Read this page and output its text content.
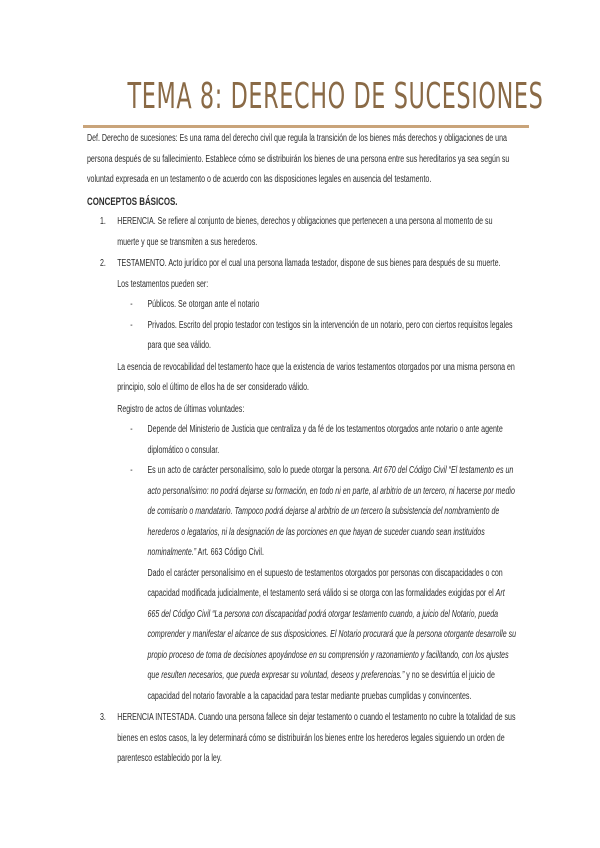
TEMA 8: DERECHO DE SUCESIONES

Def. Derecho de sucesiones: Es una rama del derecho civil que regula la transición de los bienes más derechos y obligaciones de una persona después de su fallecimiento. Establece cómo se distribuirán los bienes de una persona entre sus hereditarios ya sea según su voluntad expresada en un testamento o de acuerdo con las disposiciones legales en ausencia del testamento.

CONCEPTOS BÁSICOS.

1. HERENCIA. Se refiere al conjunto de bienes, derechos y obligaciones que pertenecen a una persona al momento de su muerte y que se transmiten a sus herederos.
2. TESTAMENTO. Acto jurídico por el cual una persona llamada testador, dispone de sus bienes para después de su muerte.

Los testamentos pueden ser:

- Públicos. Se otorgan ante el notario
- Privados. Escrito del propio testador con testigos sin la intervención de un notario, pero con ciertos requisitos legales para que sea válido.

La esencia de revocabilidad del testamento hace que la existencia de varios testamentos otorgados por una misma persona en principio, solo el último de ellos ha de ser considerado válido.

Registro de actos de últimas voluntades:

- Depende del Ministerio de Justicia que centraliza y da fé de los testamentos otorgados ante notario o ante agente diplomático o consular.
- Es un acto de carácter personalísimo, solo lo puede otorgar la persona. Art 670 del Código Civil “El testamento es un acto personalísimo: no podrá dejarse su formación, en todo ni en parte, al arbitrio de un tercero, ni hacerse por medio de comisario o mandatario. Tampoco podrá dejarse al arbitrio de un tercero la subsistencia del nombramiento de herederos o legatarios, ni la designación de las porciones en que hayan de suceder cuando sean instituidos nominalmente.” Art. 663 Código Civil.

Dado el carácter personalísimo en el supuesto de testamentos otorgados por personas con discapacidades o con capacidad modificada judicialmente, el testamento será válido si se otorga con las formalidades exigidas por el Art 665 del Código Civil “La persona con discapacidad podrá otorgar testamento cuando, a juicio del Notario, pueda comprender y manifestar el alcance de sus disposiciones. El Notario procurará que la persona otorgante desarrolle su propio proceso de toma de decisiones apoyándose en su comprensión y razonamiento y facilitando, con los ajustes que resulten necesarios, que pueda expresar su voluntad, deseos y preferencias.” y no se desvirtúa el juicio de capacidad del notario favorable a la capacidad para testar mediante pruebas cumplidas y convincentes.

3. HERENCIA INTESTADA. Cuando una persona fallece sin dejar testamento o cuando el testamento no cubre la totalidad de sus bienes en estos casos, la ley determinará cómo se distribuirán los bienes entre los herederos legales siguiendo un orden de parentesco establecido por la ley.
